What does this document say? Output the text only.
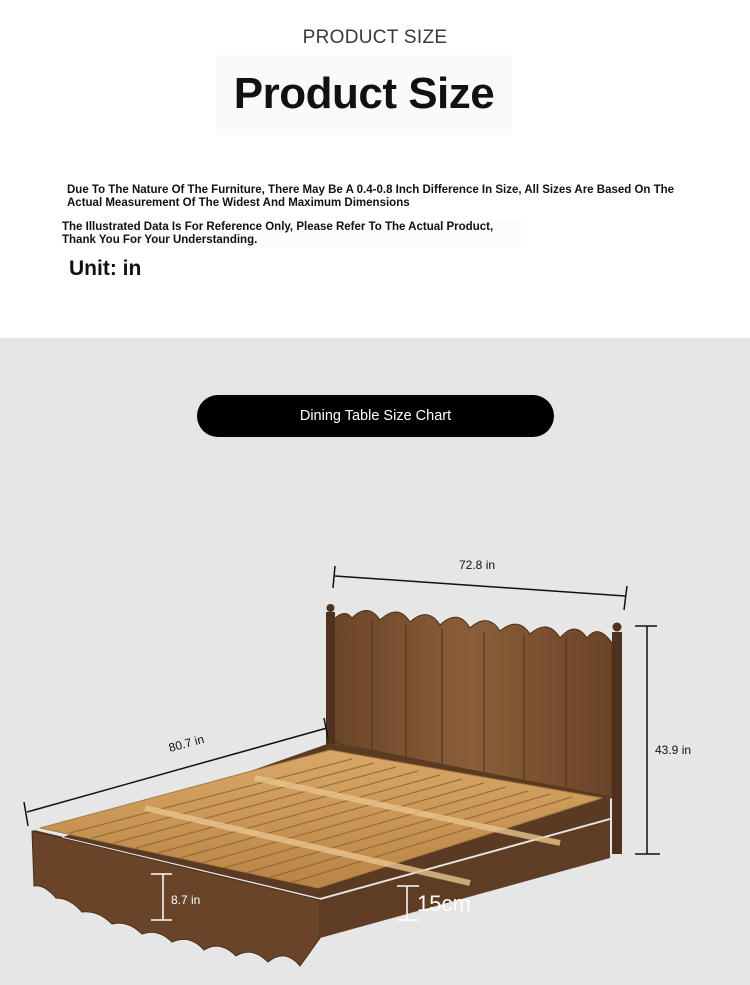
PRODUCT SIZE
Product Size
Due To The Nature Of The Furniture, There May Be A 0.4-0.8 Inch Difference In Size, All Sizes Are Based On The Actual Measurement Of The Widest And Maximum Dimensions
The Illustrated Data Is For Reference Only, Please Refer To The Actual Product, Thank You For Your Understanding.
Unit: in
Dining Table Size Chart
72.8 in
80.7 in	43.9 in
8.7 in	15cm
